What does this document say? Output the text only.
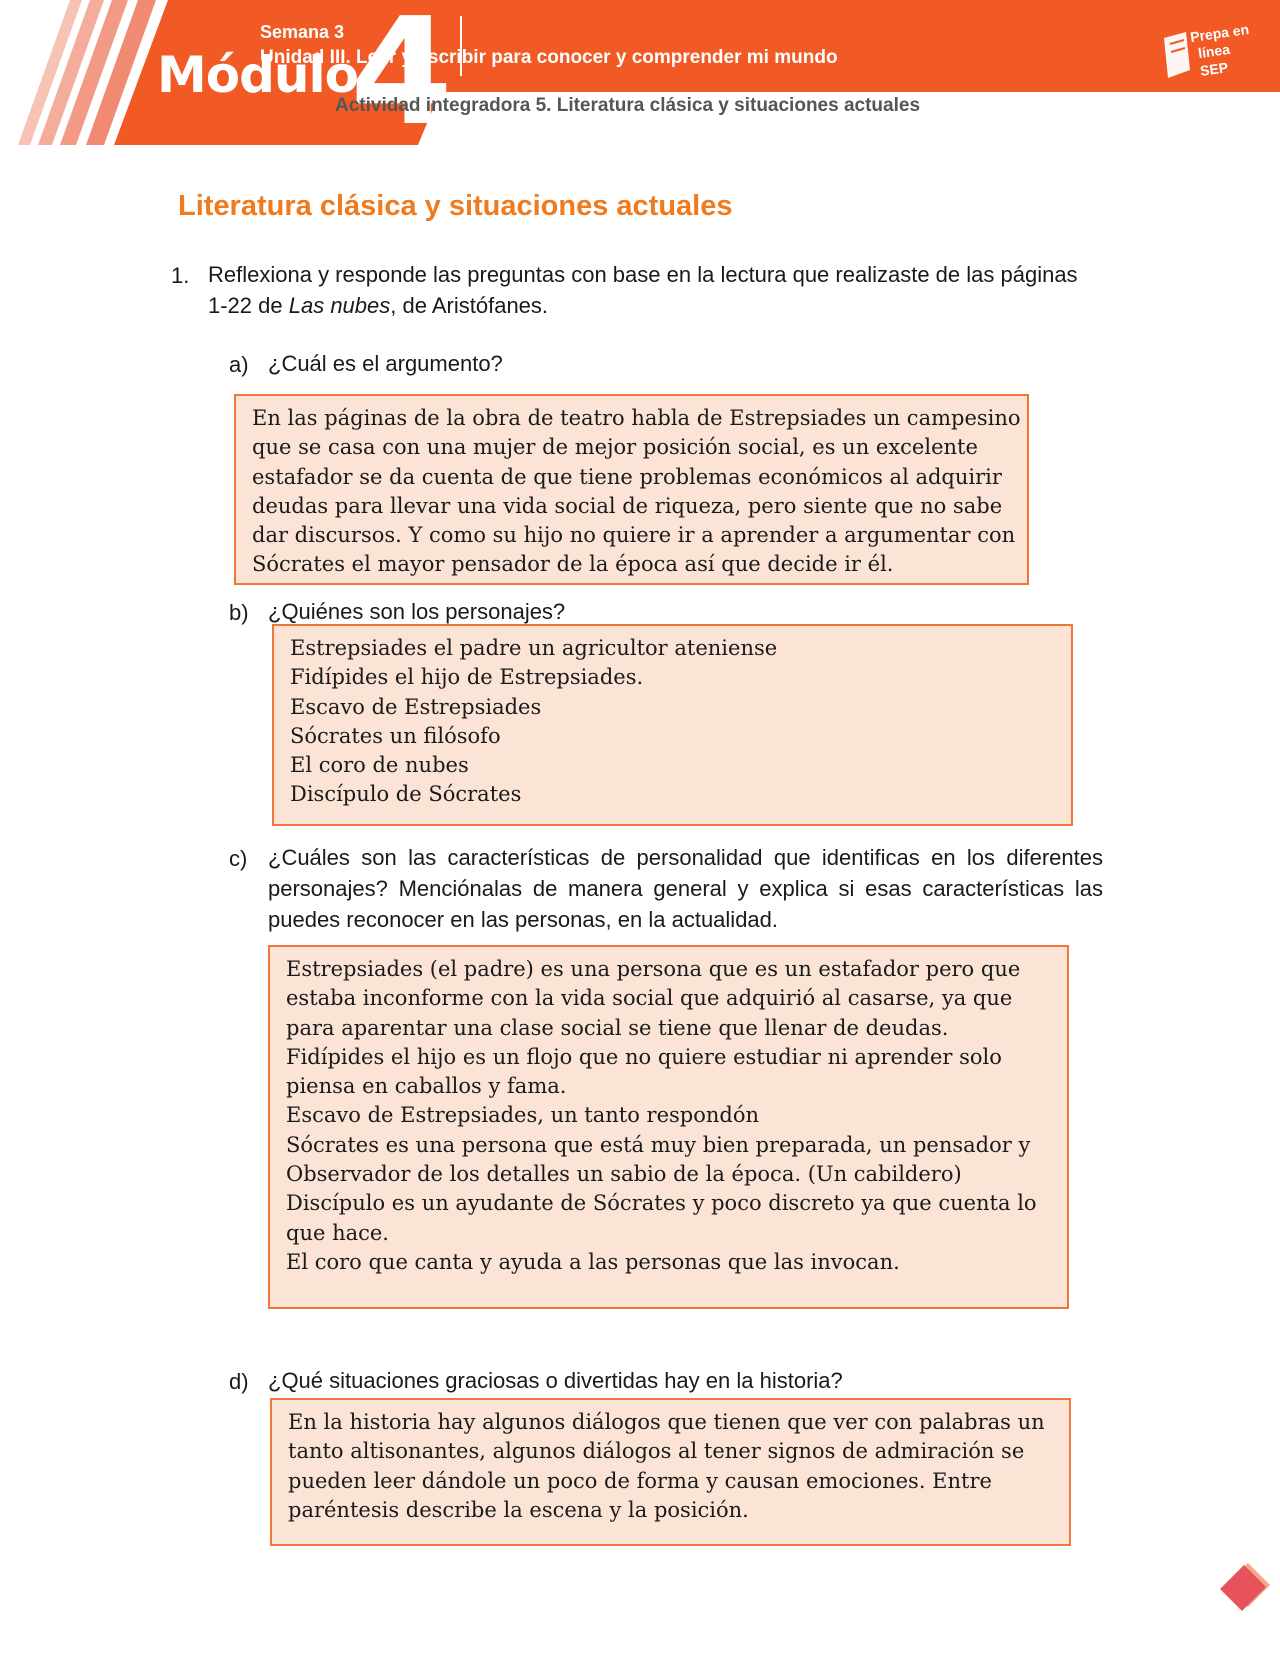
4
Módulo
Semana 3
Unidad III. Leer y escribir para conocer y comprender mi mundo
Actividad integradora 5. Literatura clásica y situaciones actuales
Prepa en
línea
SEP
Literatura clásica y situaciones actuales
1. Reflexiona y responde las preguntas con base en la lectura que realizaste de las páginas 1-22 de Las nubes, de Aristófanes.
a) ¿Cuál es el argumento?
En las páginas de la obra de teatro habla de Estrepsiades un campesino
que se casa con una mujer de mejor posición social, es un excelente
estafador se da cuenta de que tiene problemas económicos al adquirir
deudas para llevar una vida social de riqueza, pero siente que no sabe
dar discursos. Y como su hijo no quiere ir a aprender a argumentar con
Sócrates el mayor pensador de la época así que decide ir él.
b) ¿Quiénes son los personajes?
Estrepsiades el padre un agricultor ateniense
Fidípides el hijo de Estrepsiades.
Escavo de Estrepsiades
Sócrates un filósofo
El coro de nubes
Discípulo de Sócrates
c) ¿Cuáles son las características de personalidad que identificas en los diferentes personajes? Menciónalas de manera general y explica si esas características las puedes reconocer en las personas, en la actualidad.
Estrepsiades (el padre) es una persona que es un estafador pero que
estaba inconforme con la vida social que adquirió al casarse, ya que
para aparentar una clase social se tiene que llenar de deudas.
Fidípides el hijo es un flojo que no quiere estudiar ni aprender solo
piensa en caballos y fama.
Escavo de Estrepsiades, un tanto respondón
Sócrates es una persona que está muy bien preparada, un pensador y
Observador de los detalles un sabio de la época. (Un cabildero)
Discípulo es un ayudante de Sócrates y poco discreto ya que cuenta lo
que hace.
El coro que canta y ayuda a las personas que las invocan.
d) ¿Qué situaciones graciosas o divertidas hay en la historia?
En la historia hay algunos diálogos que tienen que ver con palabras un
tanto altisonantes, algunos diálogos al tener signos de admiración se
pueden leer dándole un poco de forma y causan emociones. Entre
paréntesis describe la escena y la posición.
